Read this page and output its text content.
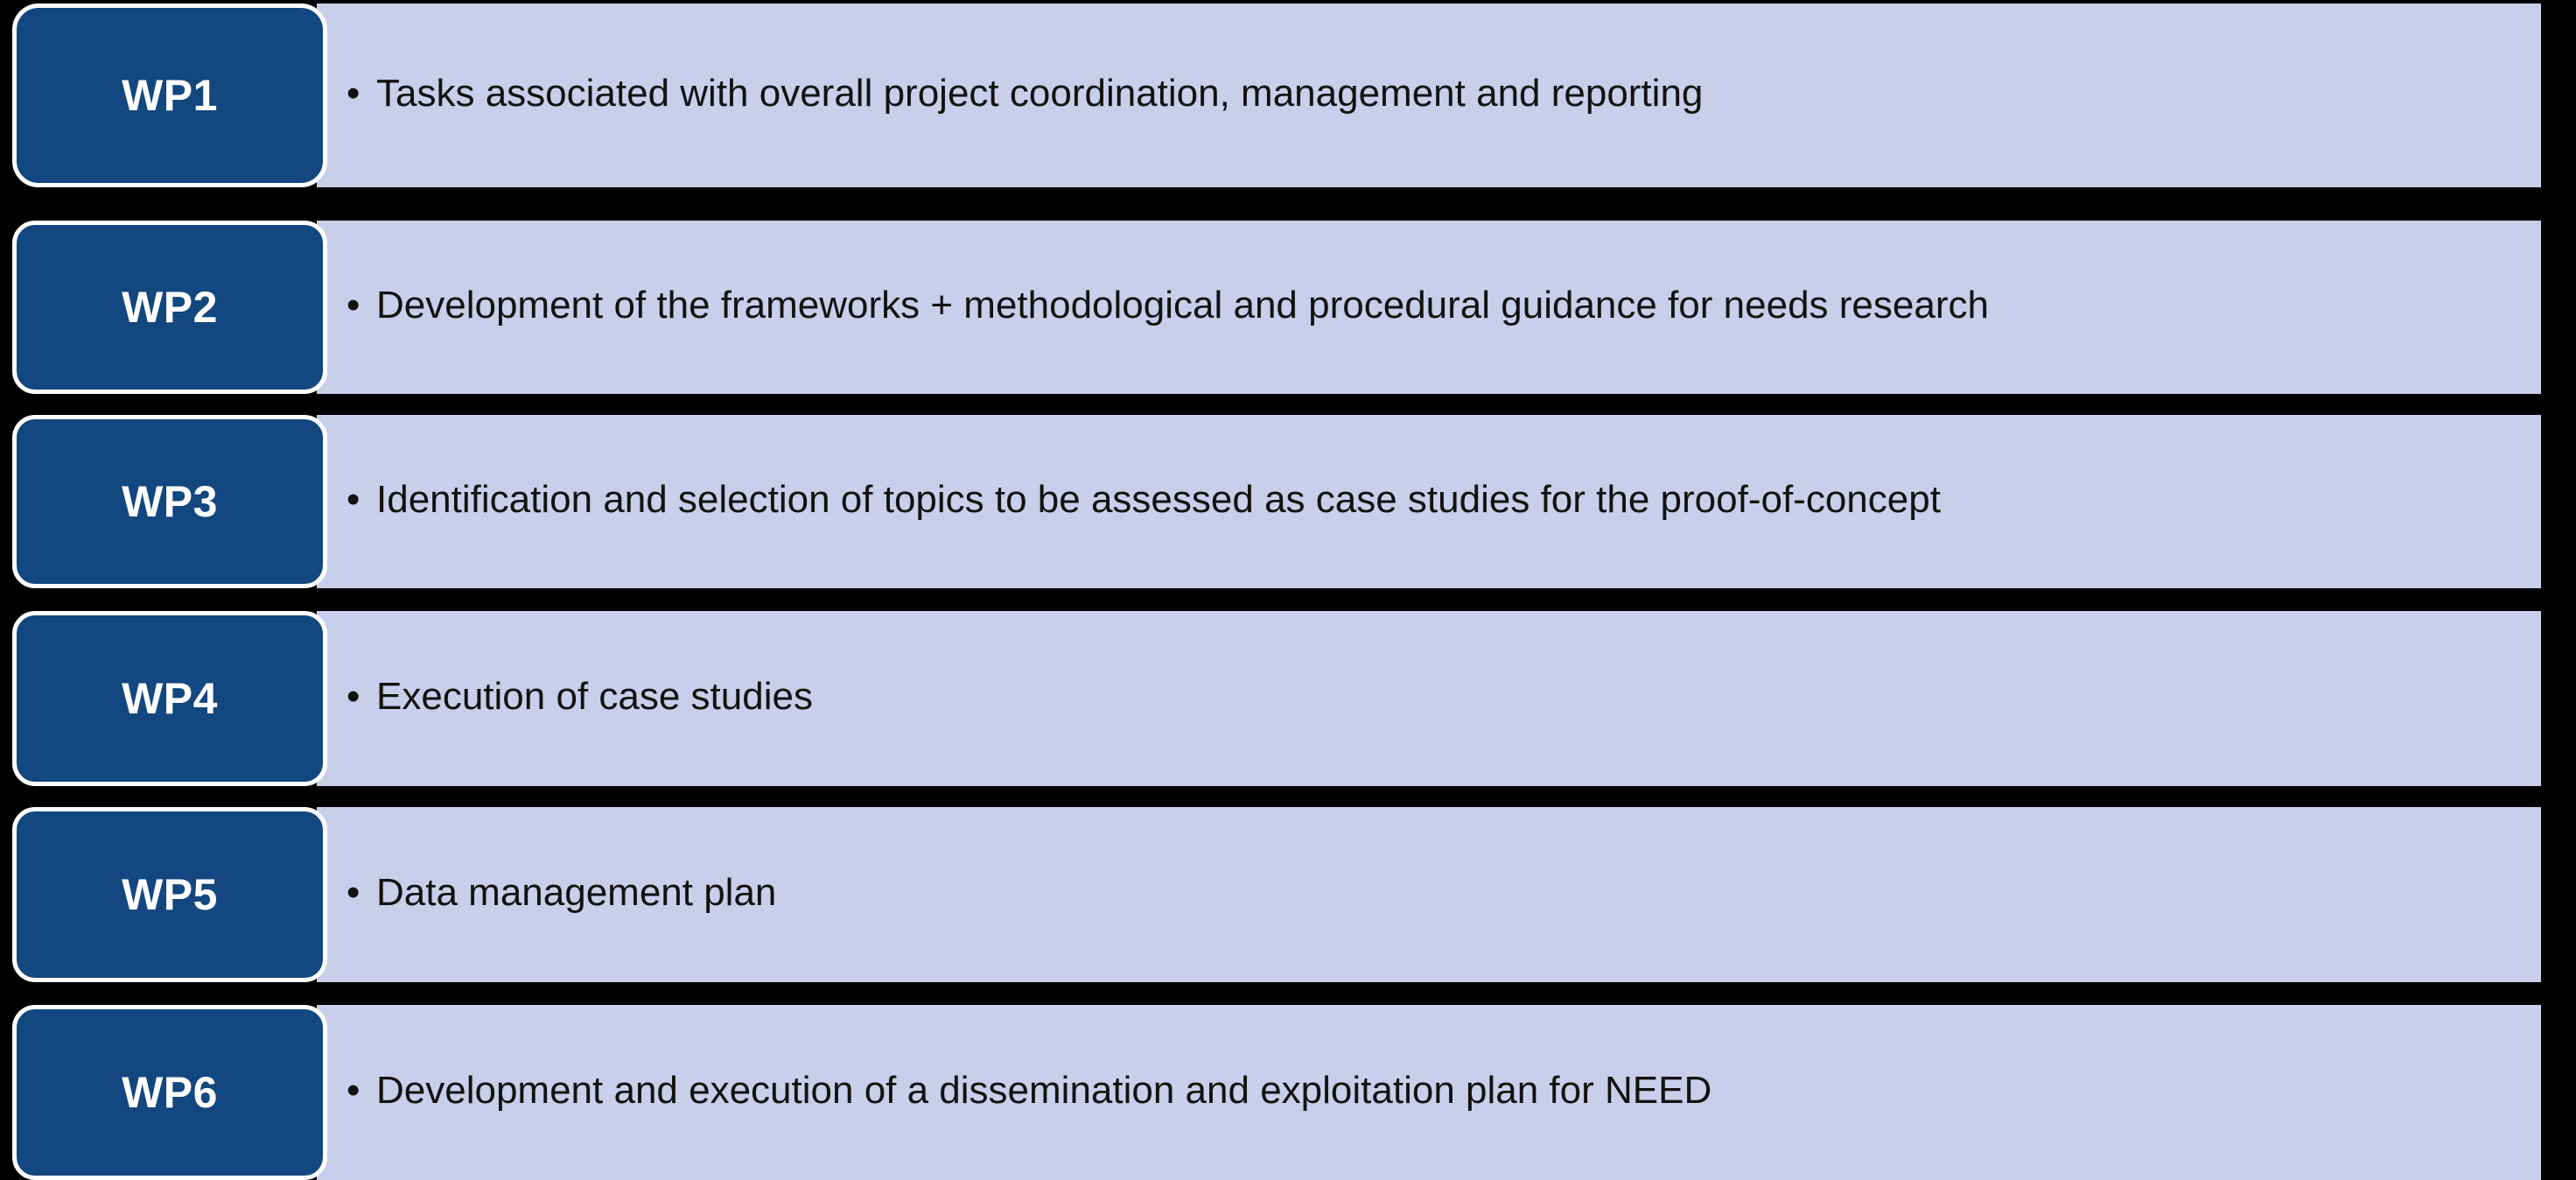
WP1	• Tasks associated with overall project coordination, management and reporting
WP2	• Development of the frameworks + methodological and procedural guidance for needs research
WP3	• Identification and selection of topics to be assessed as case studies for the proof-of-concept
WP4	• Execution of case studies
WP5	• Data management plan
WP6	• Development and execution of a dissemination and exploitation plan for NEED
